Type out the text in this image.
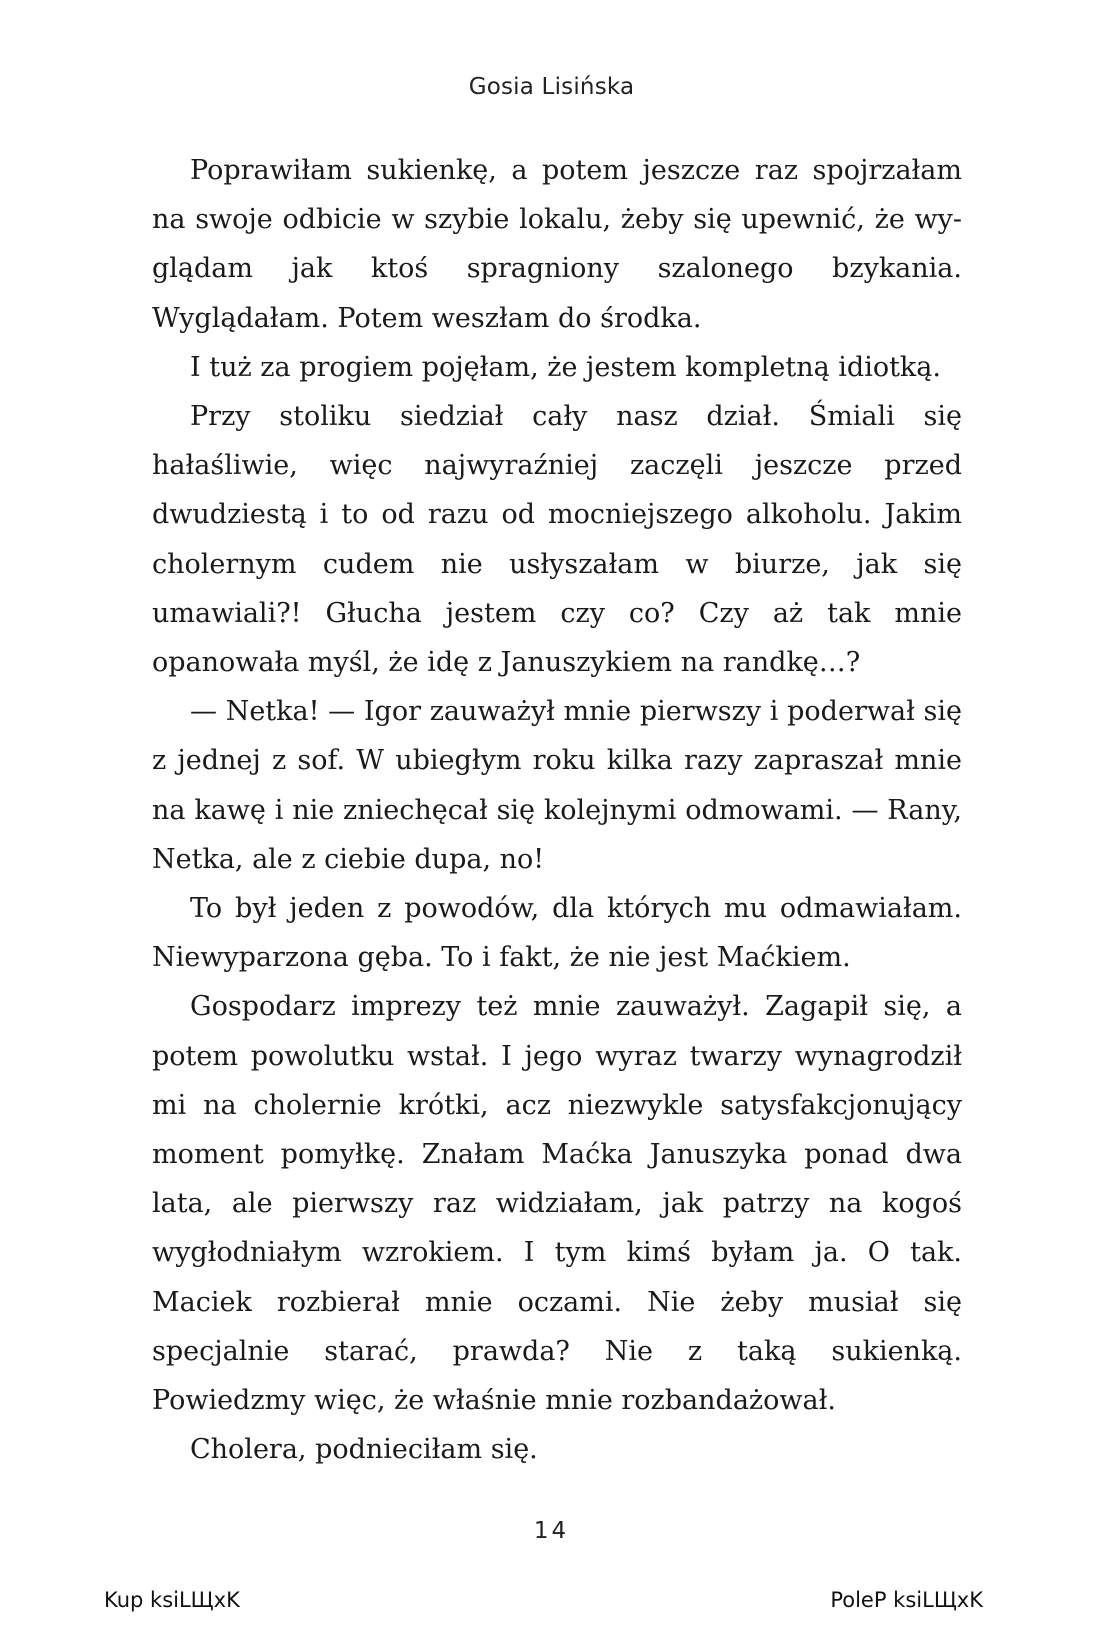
Gosia Lisińska

Poprawiłam sukienkę, a potem jeszcze raz spojrzałam na swoje odbicie w szybie lokalu, żeby się upewnić, że wyglądam jak ktoś spragniony szalonego bzykania. Wyglądałam. Potem weszłam do środka.

I tuż za progiem pojęłam, że jestem kompletną idiotką.

Przy stoliku siedział cały nasz dział. Śmiali się hałaśliwie, więc najwyraźniej zaczęli jeszcze przed dwudziestą i to od razu od mocniejszego alkoholu. Jakim cholernym cudem nie usłyszałam w biurze, jak się umawiali?! Głucha jestem czy co? Czy aż tak mnie opanowała myśl, że idę z Januszykiem na randkę…?

— Netka! — Igor zauważył mnie pierwszy i poderwał się z jednej z sof. W ubiegłym roku kilka razy zapraszał mnie na kawę i nie zniechęcał się kolejnymi odmowami. — Rany, Netka, ale z ciebie dupa, no!

To był jeden z powodów, dla których mu odmawiałam. Niewyparzona gęba. To i fakt, że nie jest Maćkiem.

Gospodarz imprezy też mnie zauważył. Zagapił się, a potem powolutku wstał. I jego wyraz twarzy wynagrodził mi na cholernie krótki, acz niezwykle satysfakcjonujący moment pomyłkę. Znałam Maćka Januszyka ponad dwa lata, ale pierwszy raz widziałam, jak patrzy na kogoś wygłodniałym wzrokiem. I tym kimś byłam ja. O tak. Maciek rozbierał mnie oczami. Nie żeby musiał się specjalnie starać, prawda? Nie z taką sukienką. Powiedzmy więc, że właśnie mnie rozbandażował.

Cholera, podnieciłam się.

14
Kup ksiLЩxK	PoleP ksiLЩxK
